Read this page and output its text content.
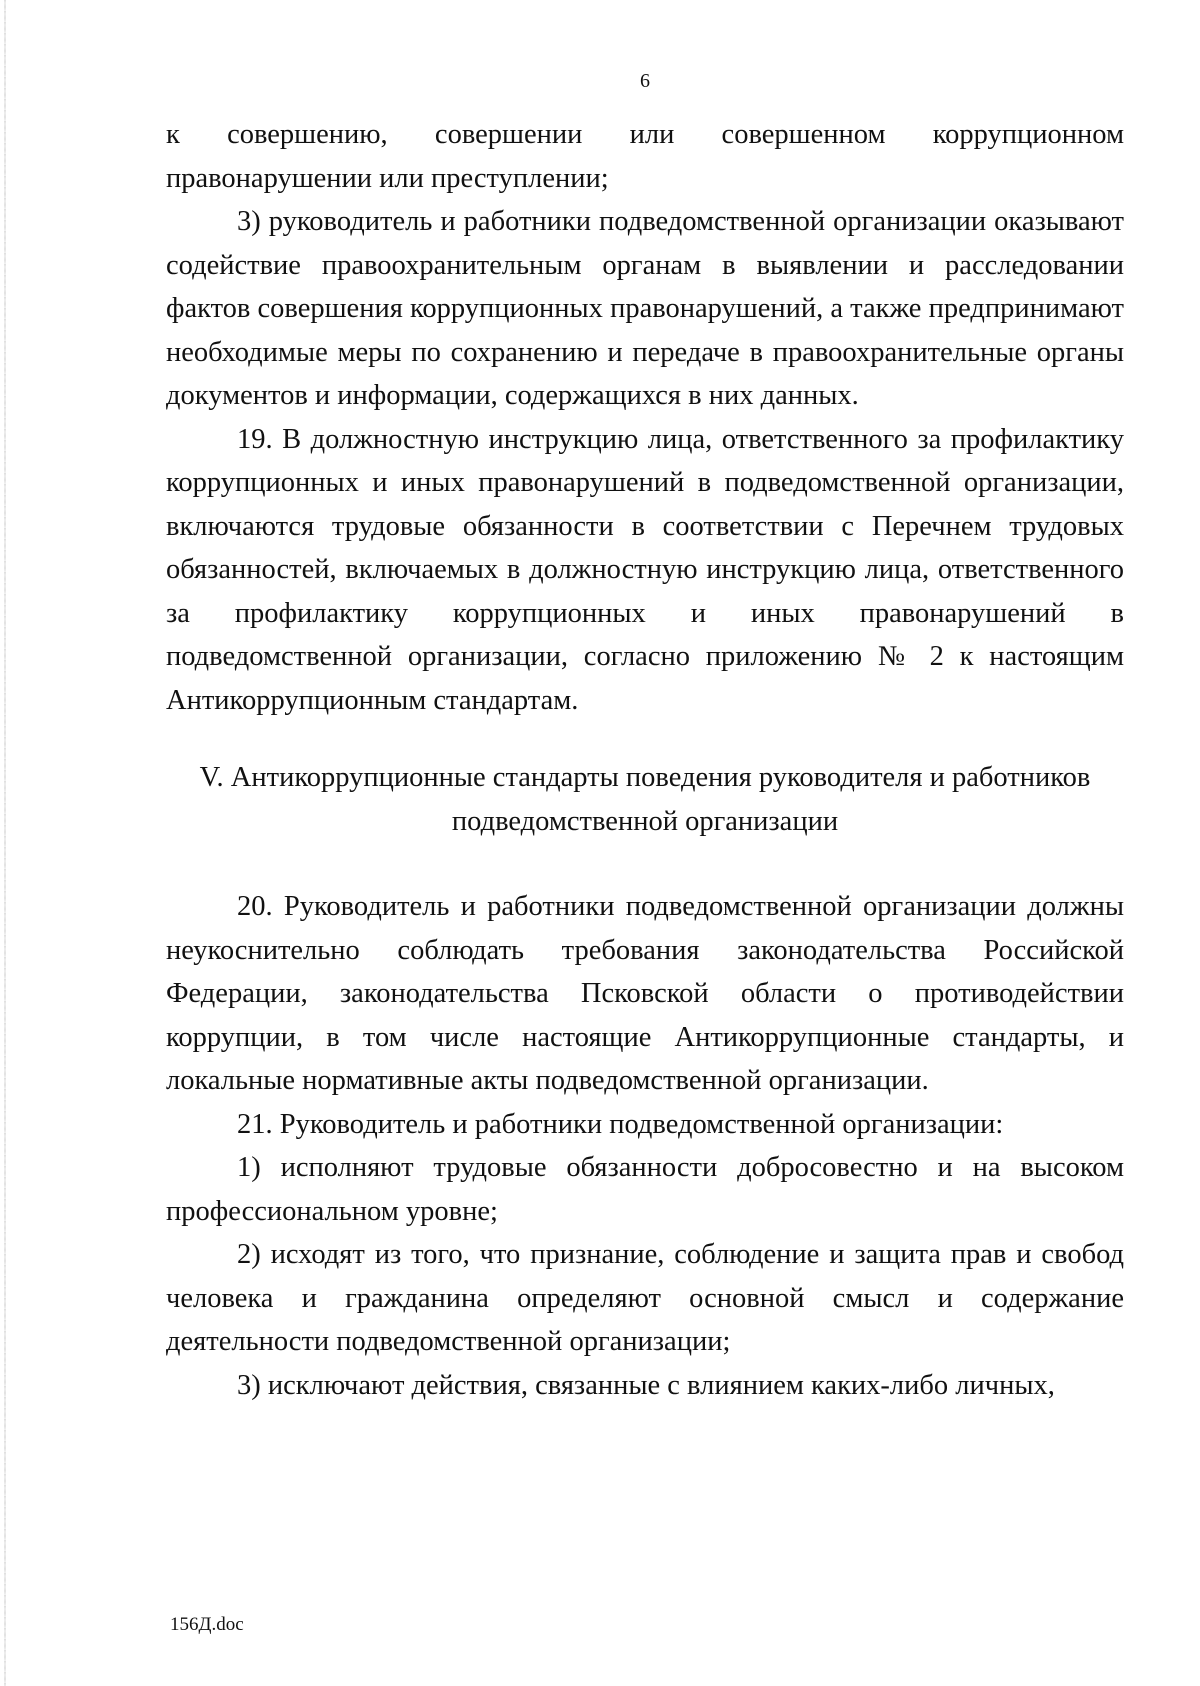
6

к совершению, совершении или совершенном коррупционном правонарушении или преступлении;

3) руководитель и работники подведомственной организации оказывают содействие правоохранительным органам в выявлении и расследовании фактов совершения коррупционных правонарушений, а также предпринимают необходимые меры по сохранению и передаче в правоохранительные органы документов и информации, содержащихся в них данных.

19. В должностную инструкцию лица, ответственного за профилактику коррупционных и иных правонарушений в подведомственной организации, включаются трудовые обязанности в соответствии с Перечнем трудовых обязанностей, включаемых в должностную инструкцию лица, ответственного за профилактику коррупционных и иных правонарушений в подведомственной организации, согласно приложению № 2 к настоящим Антикоррупционным стандартам.

V. Антикоррупционные стандарты поведения руководителя и работников
подведомственной организации

20. Руководитель и работники подведомственной организации должны неукоснительно соблюдать требования законодательства Российской Федерации, законодательства Псковской области о противодействии коррупции, в том числе настоящие Антикоррупционные стандарты, и локальные нормативные акты подведомственной организации.

21. Руководитель и работники подведомственной организации:

1) исполняют трудовые обязанности добросовестно и на высоком профессиональном уровне;

2) исходят из того, что признание, соблюдение и защита прав и свобод человека и гражданина определяют основной смысл и содержание деятельности подведомственной организации;

3) исключают действия, связанные с влиянием каких-либо личных,

156Д.doc
